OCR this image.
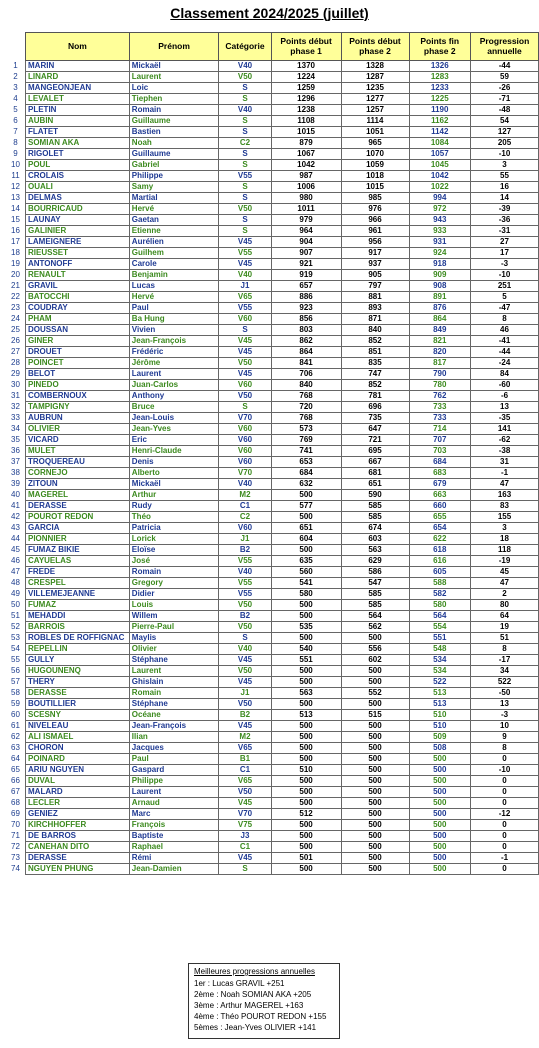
Classement 2024/2025 (juillet)
	Nom	Prénom	Catégorie	Points début phase 1	Points début phase 2	Points fin phase 2	Progression annuelle
1	MARIN	Mickaël	V40	1370	1328	1326	-44
2	LINARD	Laurent	V50	1224	1287	1283	59
3	MANGEONJEAN	Loic	S	1259	1235	1233	-26
4	LEVALET	Tiephen	S	1296	1277	1225	-71
5	PLETIN	Romain	V40	1238	1257	1190	-48
6	AUBIN	Guillaume	S	1108	1114	1162	54
7	FLATET	Bastien	S	1015	1051	1142	127
8	SOMIAN AKA	Noah	C2	879	965	1084	205
9	RIGOLET	Guillaume	S	1067	1070	1057	-10
10	POUL	Gabriel	S	1042	1059	1045	3
11	CROLAIS	Philippe	V55	987	1018	1042	55
12	OUALI	Samy	S	1006	1015	1022	16
13	DELMAS	Martial	S	980	985	994	14
14	BOURRICAUD	Hervé	V50	1011	976	972	-39
15	LAUNAY	Gaetan	S	979	966	943	-36
16	GALINIER	Etienne	S	964	961	933	-31
17	LAMEIGNERE	Aurélien	V45	904	956	931	27
18	RIEUSSET	Guilhem	V55	907	917	924	17
19	ANTONOFF	Carole	V45	921	937	918	-3
20	RENAULT	Benjamin	V40	919	905	909	-10
21	GRAVIL	Lucas	J1	657	797	908	251
22	BATOCCHI	Hervé	V65	886	881	891	5
23	COUDRAY	Paul	V55	923	893	876	-47
24	PHAM	Ba Hung	V60	856	871	864	8
25	DOUSSAN	Vivien	S	803	840	849	46
26	GINER	Jean-François	V45	862	852	821	-41
27	DROUET	Frédéric	V45	864	851	820	-44
28	POINCET	Jérôme	V50	841	835	817	-24
29	BELOT	Laurent	V45	706	747	790	84
30	PINEDO	Juan-Carlos	V60	840	852	780	-60
31	COMBERNOUX	Anthony	V50	768	781	762	-6
32	TAMPIGNY	Bruce	S	720	696	733	13
33	AUBRUN	Jean-Louis	V70	768	735	733	-35
34	OLIVIER	Jean-Yves	V60	573	647	714	141
35	VICARD	Eric	V60	769	721	707	-62
36	MULET	Henri-Claude	V60	741	695	703	-38
37	TROQUEREAU	Denis	V60	653	667	684	31
38	CORNEJO	Alberto	V70	684	681	683	-1
39	ZITOUN	Mickaël	V40	632	651	679	47
40	MAGEREL	Arthur	M2	500	590	663	163
41	DERASSE	Rudy	C1	577	585	660	83
42	POUROT REDON	Théo	C2	500	585	655	155
43	GARCIA	Patricia	V60	651	674	654	3
44	PIONNIER	Lorick	J1	604	603	622	18
45	FUMAZ BIKIE	Eloïse	B2	500	563	618	118
46	CAYUELAS	José	V55	635	629	616	-19
47	FREDE	Romain	V40	560	586	605	45
48	CRESPEL	Gregory	V55	541	547	588	47
49	VILLEMEJEANNE	Didier	V55	580	585	582	2
50	FUMAZ	Louis	V50	500	585	580	80
51	MEHADDI	Willem	B2	500	564	564	64
52	BARROIS	Pierre-Paul	V50	535	562	554	19
53	ROBLES DE ROFFIGNAC	Maylis	S	500	500	551	51
54	REPELLIN	Olivier	V40	540	556	548	8
55	GULLY	Stéphane	V45	551	602	534	-17
56	HUGOUNENQ	Laurent	V50	500	500	534	34
57	THERY	Ghislain	V45	500	500	522	522
58	DERASSE	Romain	J1	563	552	513	-50
59	BOUTILLIER	Stéphane	V50	500	500	513	13
60	SCESNY	Océane	B2	513	515	510	-3
61	NIVELEAU	Jean-François	V45	500	500	510	10
62	ALI ISMAEL	Ilian	M2	500	500	509	9
63	CHORON	Jacques	V65	500	500	508	8
64	POINARD	Paul	B1	500	500	500	0
65	ARIU NGUYEN	Gaspard	C1	510	500	500	-10
66	DUVAL	Philippe	V65	500	500	500	0
67	MALARD	Laurent	V50	500	500	500	0
68	LECLER	Arnaud	V45	500	500	500	0
69	GENIEZ	Marc	V70	512	500	500	-12
70	KIRCHHOFFER	François	V75	500	500	500	0
71	DE BARROS	Baptiste	J3	500	500	500	0
72	CANEHAN DITO	Raphael	C1	500	500	500	0
73	DERASSE	Rémi	V45	501	500	500	-1
74	NGUYEN PHUNG	Jean-Damien	S	500	500	500	0
Meilleures progressions annuelles
1er : Lucas GRAVIL +251
2ème : Noah SOMIAN AKA +205
3ème : Arthur MAGEREL +163
4ème : Théo POUROT REDON +155
5èmes : Jean-Yves OLIVIER +141
